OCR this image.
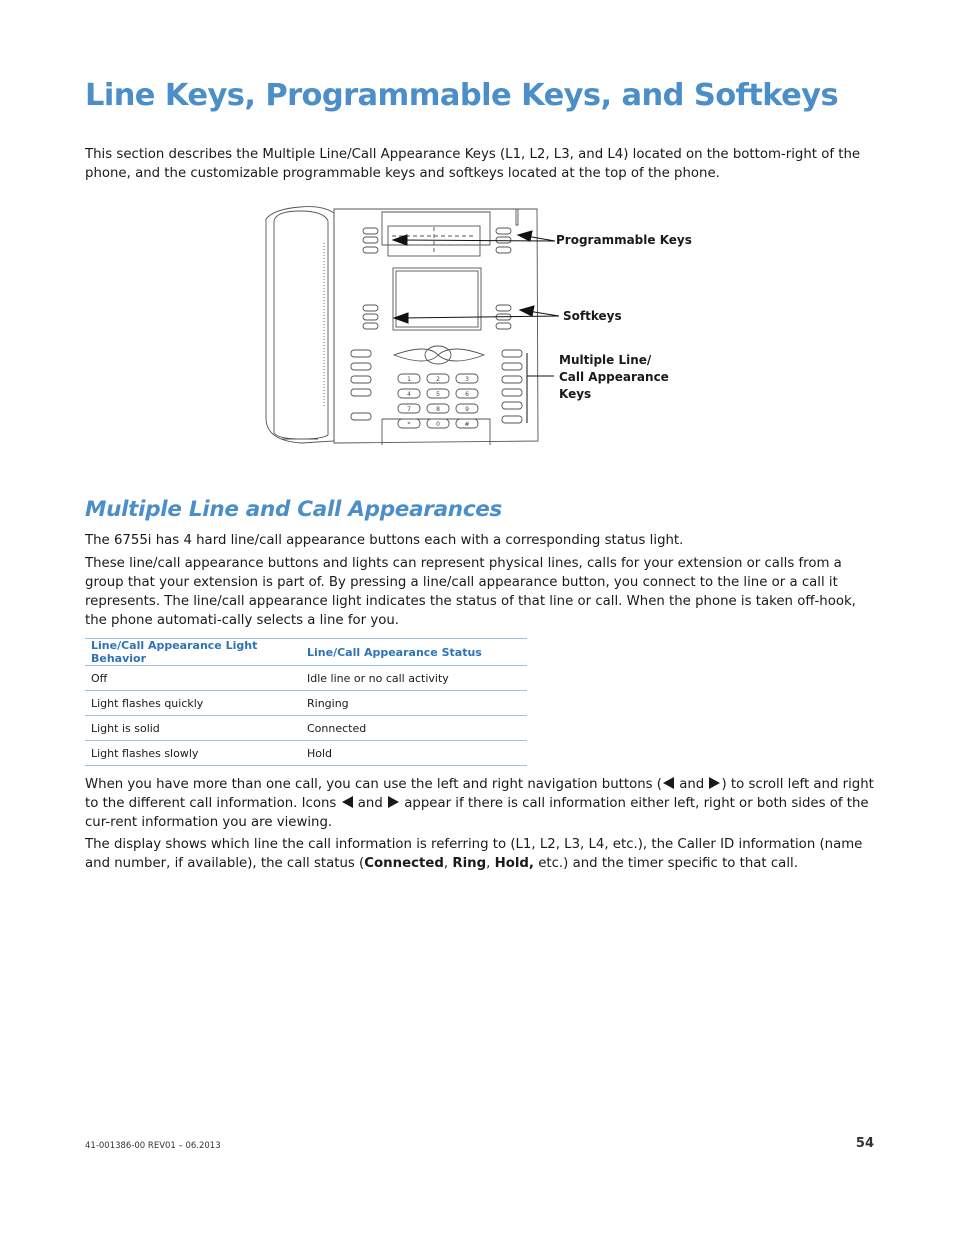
Line Keys, Programmable Keys, and Softkeys

This section describes the Multiple Line/Call Appearance Keys (L1, L2, L3, and L4) located on the bottom-right of the phone, and the customizable programmable keys and softkeys located at the top of the phone.

1	2	3
4	5	6
7	8	9
*	0	#
Programmable Keys
Softkeys
Multiple Line/
Call Appearance
Keys
Multiple Line and Call Appearances

The 6755i has 4 hard line/call appearance buttons each with a corresponding status light.

These line/call appearance buttons and lights can represent physical lines, calls for your extension or calls from a group that your extension is part of. By pressing a line/call appearance button, you connect to the line or a call it represents. The line/call appearance light indicates the status of that line or call. When the phone is taken off-hook, the phone automati-cally selects a line for you.

Line/Call Appearance Light Behavior	Line/Call Appearance Status
Off	Idle line or no call activity
Light flashes quickly	Ringing
Light is solid	Connected
Light flashes slowly	Hold

When you have more than one call, you can use the left and right navigation buttons ( and ) to scroll left and right to the different call information. Icons  and  appear if there is call information either left, right or both sides of the cur-rent information you are viewing.

The display shows which line the call information is referring to (L1, L2, L3, L4, etc.), the Caller ID information (name and number, if available), the call status (Connected, Ring, Hold, etc.) and the timer specific to that call.

41-001386-00 REV01 – 06.2013	54
